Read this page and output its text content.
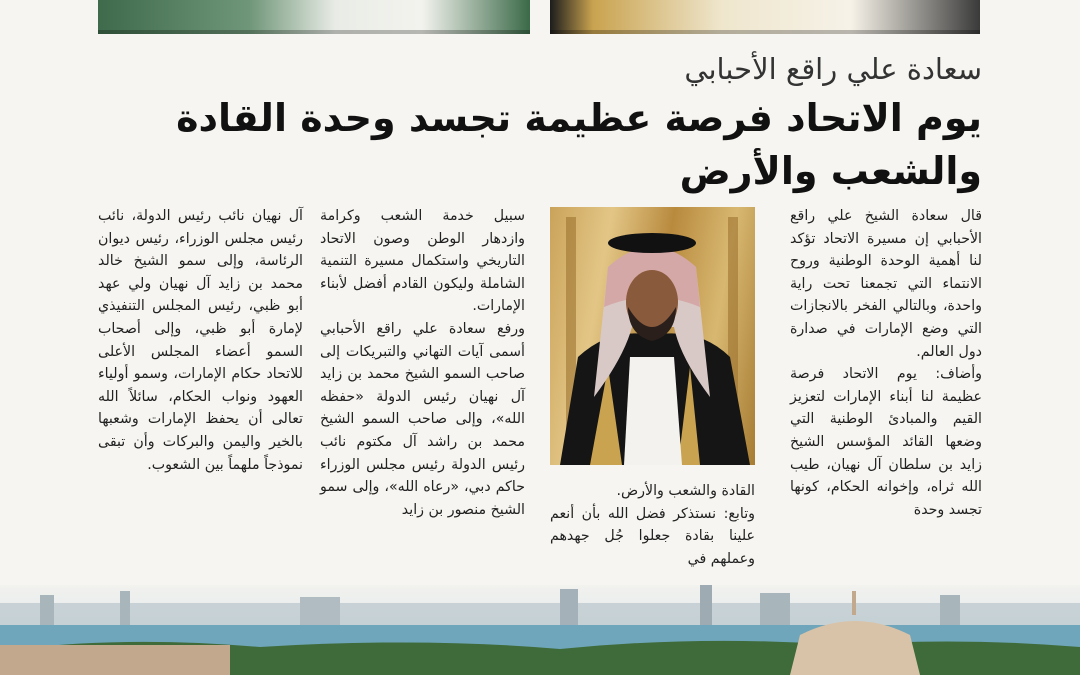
سعادة علي راقع الأحبابي
يوم الاتحاد فرصة عظيمة تجسد وحدة القادة
والشعب والأرض

قال سعادة الشيخ علي راقع الأحبابي إن مسيرة الاتحاد تؤكد لنا أهمية الوحدة الوطنية وروح الانتماء التي تجمعنا تحت راية واحدة، وبالتالي الفخر بالانجازات التي وضع الإمارات في صدارة دول العالم.

وأضاف: يوم الاتحاد فرصة عظيمة لنا أبناء الإمارات لتعزيز القيم والمبادئ الوطنية التي وضعها القائد المؤسس الشيخ زايد بن سلطان آل نهيان، طيب الله ثراه، وإخوانه الحكام، كونها تجسد وحدة

القادة والشعب والأرض.

وتابع: نستذكر فضل الله بأن أنعم علينا بقادة جعلوا جُل جهدهم وعملهم في

سبيل خدمة الشعب وكرامة وازدهار الوطن وصون الاتحاد التاريخي واستكمال مسيرة التنمية الشاملة وليكون القادم أفضل لأبناء الإمارات.

ورفع سعادة علي راقع الأحبابي أسمى آيات التهاني والتبريكات إلى صاحب السمو الشيخ محمد بن زايد آل نهيان رئيس الدولة «حفظه الله»، وإلى صاحب السمو الشيخ محمد بن راشد آل مكتوم نائب رئيس الدولة رئيس مجلس الوزراء حاكم دبي، «رعاه الله»، وإلى سمو الشيخ منصور بن زايد

آل نهيان نائب رئيس الدولة، نائب رئيس مجلس الوزراء، رئيس ديوان الرئاسة، وإلى سمو الشيخ خالد محمد بن زايد آل نهيان ولي عهد أبو ظبي، رئيس المجلس التنفيذي لإمارة أبو ظبي، وإلى أصحاب السمو أعضاء المجلس الأعلى للاتحاد حكام الإمارات، وسمو أولياء العهود ونواب الحكام، سائلاً الله تعالى أن يحفظ الإمارات وشعبها بالخير واليمن والبركات وأن تبقى نموذجاً ملهماً بين الشعوب.
